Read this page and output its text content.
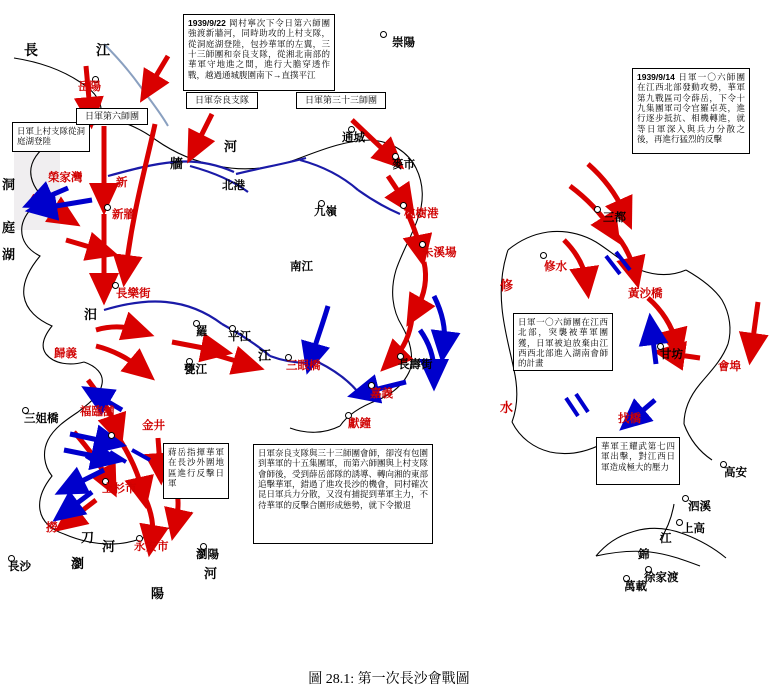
1939/9/22 岡村寧次下令日第六師團強渡新牆河，同時助攻的上村支隊，從洞庭湖登陸，包抄華軍的左翼，三十三師團和奈良支隊，從湘北南部的華軍守地進之間，進行大膽穿透作戰，越過通城腹圍南下→直撲平江	1939/9/14 日軍一〇六師團在江西北部發動攻勢，華軍第九戰區司令薛岳，下令十九集團軍司令官羅卓英，進行逐步抵抗、相機轉進，就等日軍深入與兵力分散之後，再進行猛烈的反擊
日軍上村支隊從洞庭湖登陸
日軍一〇六師團在江西北部，突襲被華軍團獲，日軍被迫放棄由江西西北部進入湖南會師的計畫
蔣岳指揮華軍在長沙外圍地區進行反擊日軍
日軍奈良支隊與三十三師團會師，卻沒有包圍到華軍的十五集團軍，而第六師團與上村支隊會師後，受到薛岳部隊的誘導、轉向湘的東部追擊華軍，錯過了進攻長沙的機會，同村確次昆日軍兵力分散，又沒有捕捉到華軍主力，不待華軍的反擊合圍形成態勢，就下令撤退
華軍王耀武第七四軍出擊，對江西日軍造成極大的壓力
日軍第六師團
日軍奈良支隊	日軍第三十三師團
崇陽
岳陽
通城
麥市
榮家灣	新	北港
三都
新牆	桃樹港
九嶺
朱溪場
修水
南江
黃沙橋
長樂街
羅 平江
歸義	甘坊
三眼橋
甕江	長壽街	會埠
嘉義
三姐橋
福臨舖
金井	獻鐘	找橋
上杉市
高安
泗溪
撈
瀏陽
永安市
上高
長沙
錦
江
徐家渡
萬載
長	江
洞
庭
湖
河
牆
汨
江
刀
河
瀏
河
陽
修
水
圖 28.1: 第一次長沙會戰圖
